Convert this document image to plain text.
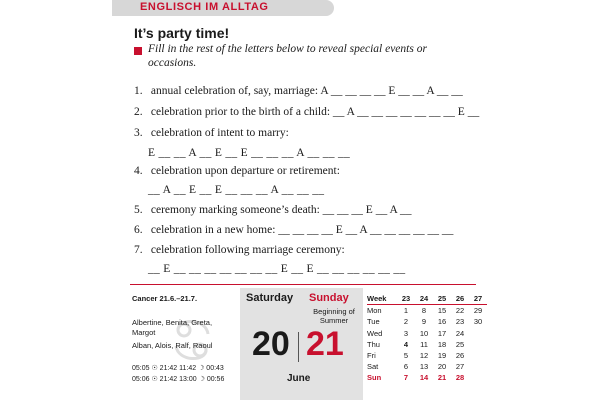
ENGLISCH IM ALLTAG
It’s party time!
Fill in the rest of the letters below to reveal special events or occasions.
1. annual celebration of, say, marriage: A __ __ __ __ E __ __ A __ __
2. celebration prior to the birth of a child: __ A __ __ __ __ __ __ __ E __
3. celebration of intent to marry:
E __ __ A __ E __ E __ __ __ A __ __ __
4. celebration upon departure or retirement:
__ A __ E __ E __ __ __ A __ __ __
5. ceremony marking someone’s death: __ __ __ E __ A __
6. celebration in a new home: __ __ __ __ E __ A __ __ __ __ __ __
7. celebration following marriage ceremony:
__ E __ __ __ __ __ __ __ E __ E __ __ __ __ __ __
Cancer 21.6.–21.7.
Albertine, Benita, Greta, Margot
Alban, Alois, Ralf, Raoul
05:05 ☉ 21:42 11:42 ☽ 00:43
05:06 ☉ 21:42 13:00 ☽ 00:56
Saturday Sunday
Beginning of Summer
20 21
June
Week	23	24	25	26	27
Mon	1	8	15	22	29
Tue	2	9	16	23	30
Wed	3	10	17	24	
Thu	4	11	18	25	
Fri	5	12	19	26	
Sat	6	13	20	27	
Sun	7	14	21	28	
